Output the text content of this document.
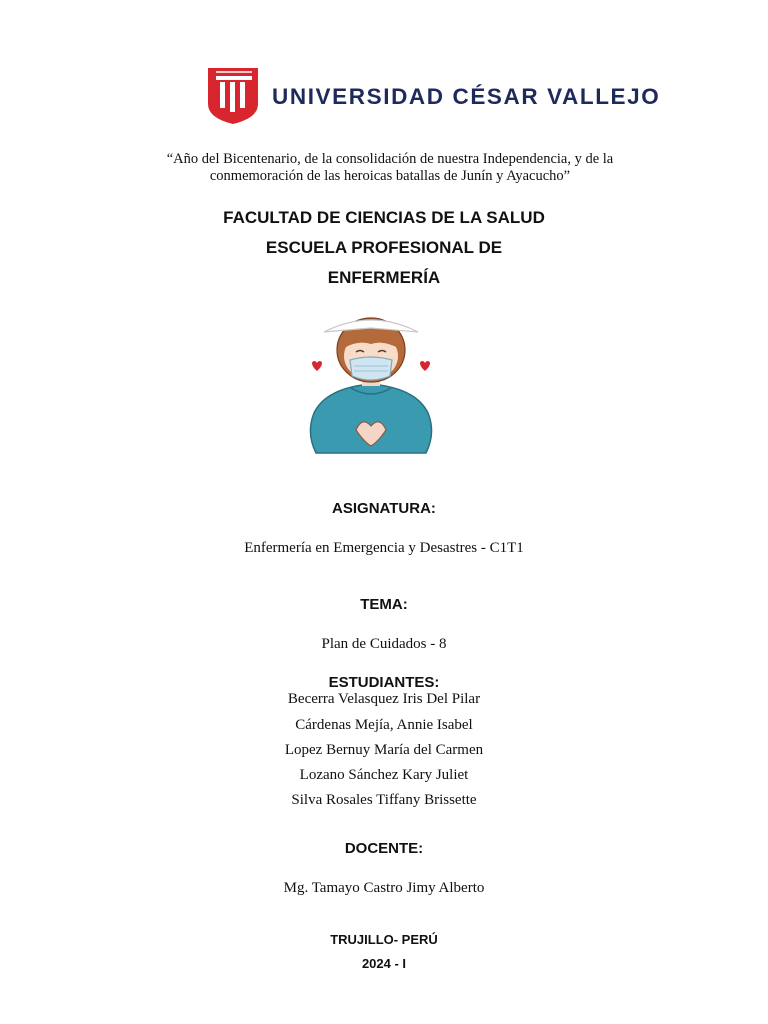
UNIVERSIDAD CÉSAR VALLEJO
“Año del Bicentenario, de la consolidación de nuestra Independencia, y de la
conmemoración de las heroicas batallas de Junín y Ayacucho”
FACULTAD DE CIENCIAS DE LA SALUD
ESCUELA PROFESIONAL DE
ENFERMERÍA
ASIGNATURA:
Enfermería en Emergencia y Desastres - C1T1
TEMA:
Plan de Cuidados - 8
ESTUDIANTES:
Becerra Velasquez Iris Del Pilar
Cárdenas Mejía, Annie Isabel
Lopez Bernuy María del Carmen
Lozano Sánchez Kary Juliet
Silva Rosales Tiffany Brissette
DOCENTE:
Mg. Tamayo Castro Jimy Alberto
TRUJILLO- PERÚ
2024 - I
